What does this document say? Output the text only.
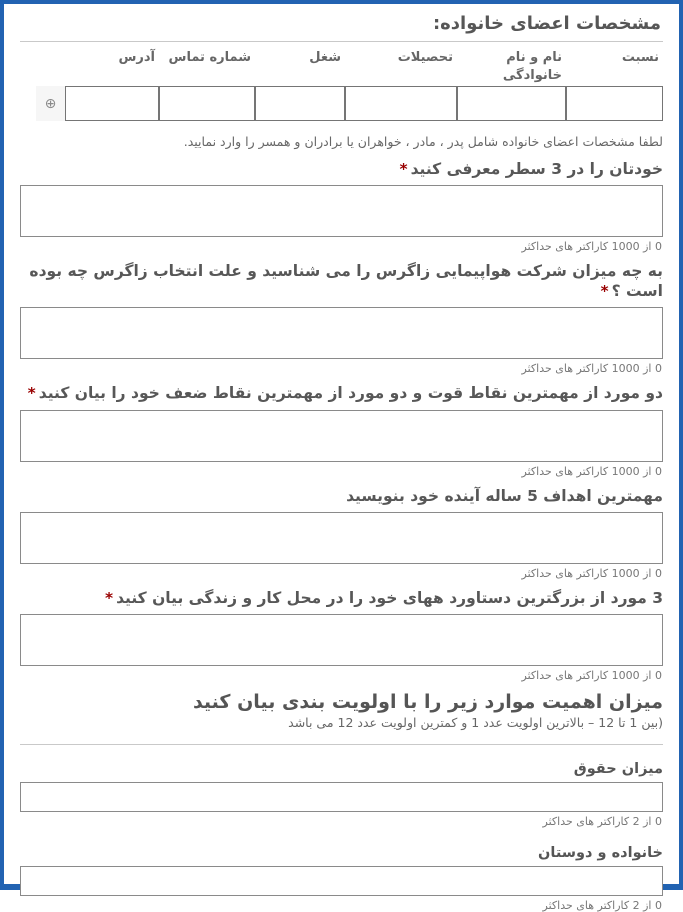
مشخصات اعضای خانواده:
نسبت
نام و نام خانوادگی
تحصیلات
شغل
شماره تماس
آدرس
⊕
لطفا مشخصات اعضای خانواده شامل پدر ، مادر ، خواهران یا برادران و همسر را وارد نمایید.
خودتان را در 3 سطر معرفی کنید*
0 از 1000 کاراکتر های حداکثر
به چه میزان شرکت هواپیمایی زاگرس را می شناسید و علت انتخاب زاگرس چه بوده است ؟*
0 از 1000 کاراکتر های حداکثر
دو مورد از مهمترین نقاط قوت و دو مورد از مهمترین نقاط ضعف خود را بیان کنید*
0 از 1000 کاراکتر های حداکثر
مهمترین اهداف 5 ساله آینده خود بنویسید
0 از 1000 کاراکتر های حداکثر
3 مورد از بزرگترین دستاورد ههای خود را در محل کار و زندگی بیان کنید*
0 از 1000 کاراکتر های حداکثر
میزان اهمیت موارد زیر را با اولویت بندی بیان کنید
(بین 1 تا 12 – بالاترین اولویت عدد 1 و کمترین اولویت عدد 12 می باشد
میزان حقوق
0 از 2 کاراکتر های حداکثر
خانواده و دوستان
0 از 2 کاراکتر های حداکثر
